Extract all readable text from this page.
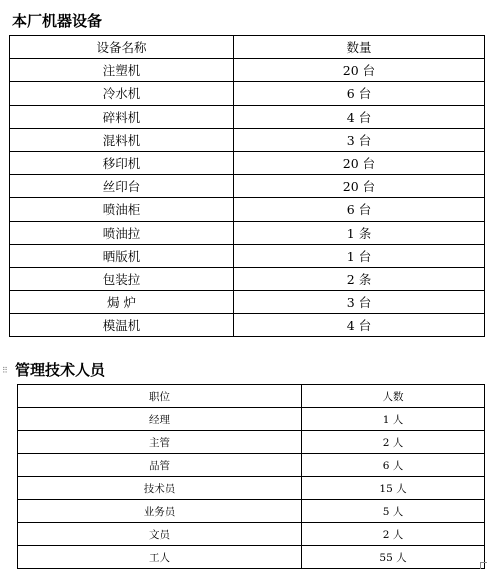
本厂机器设备
设备名称	数量
注塑机	20 台
冷水机	6 台
碎料机	4 台
混料机	3 台
移印机	20 台
丝印台	20 台
喷油柜	6 台
喷油拉	1 条
晒版机	1 台
包装拉	2 条
焗 炉	3 台
模温机	4 台
⠿ 管理技术人员
职位	人数
经理	1 人
主管	2 人
品管	6 人
技术员	15 人
业务员	5 人
文员	2 人
工人	55 人
